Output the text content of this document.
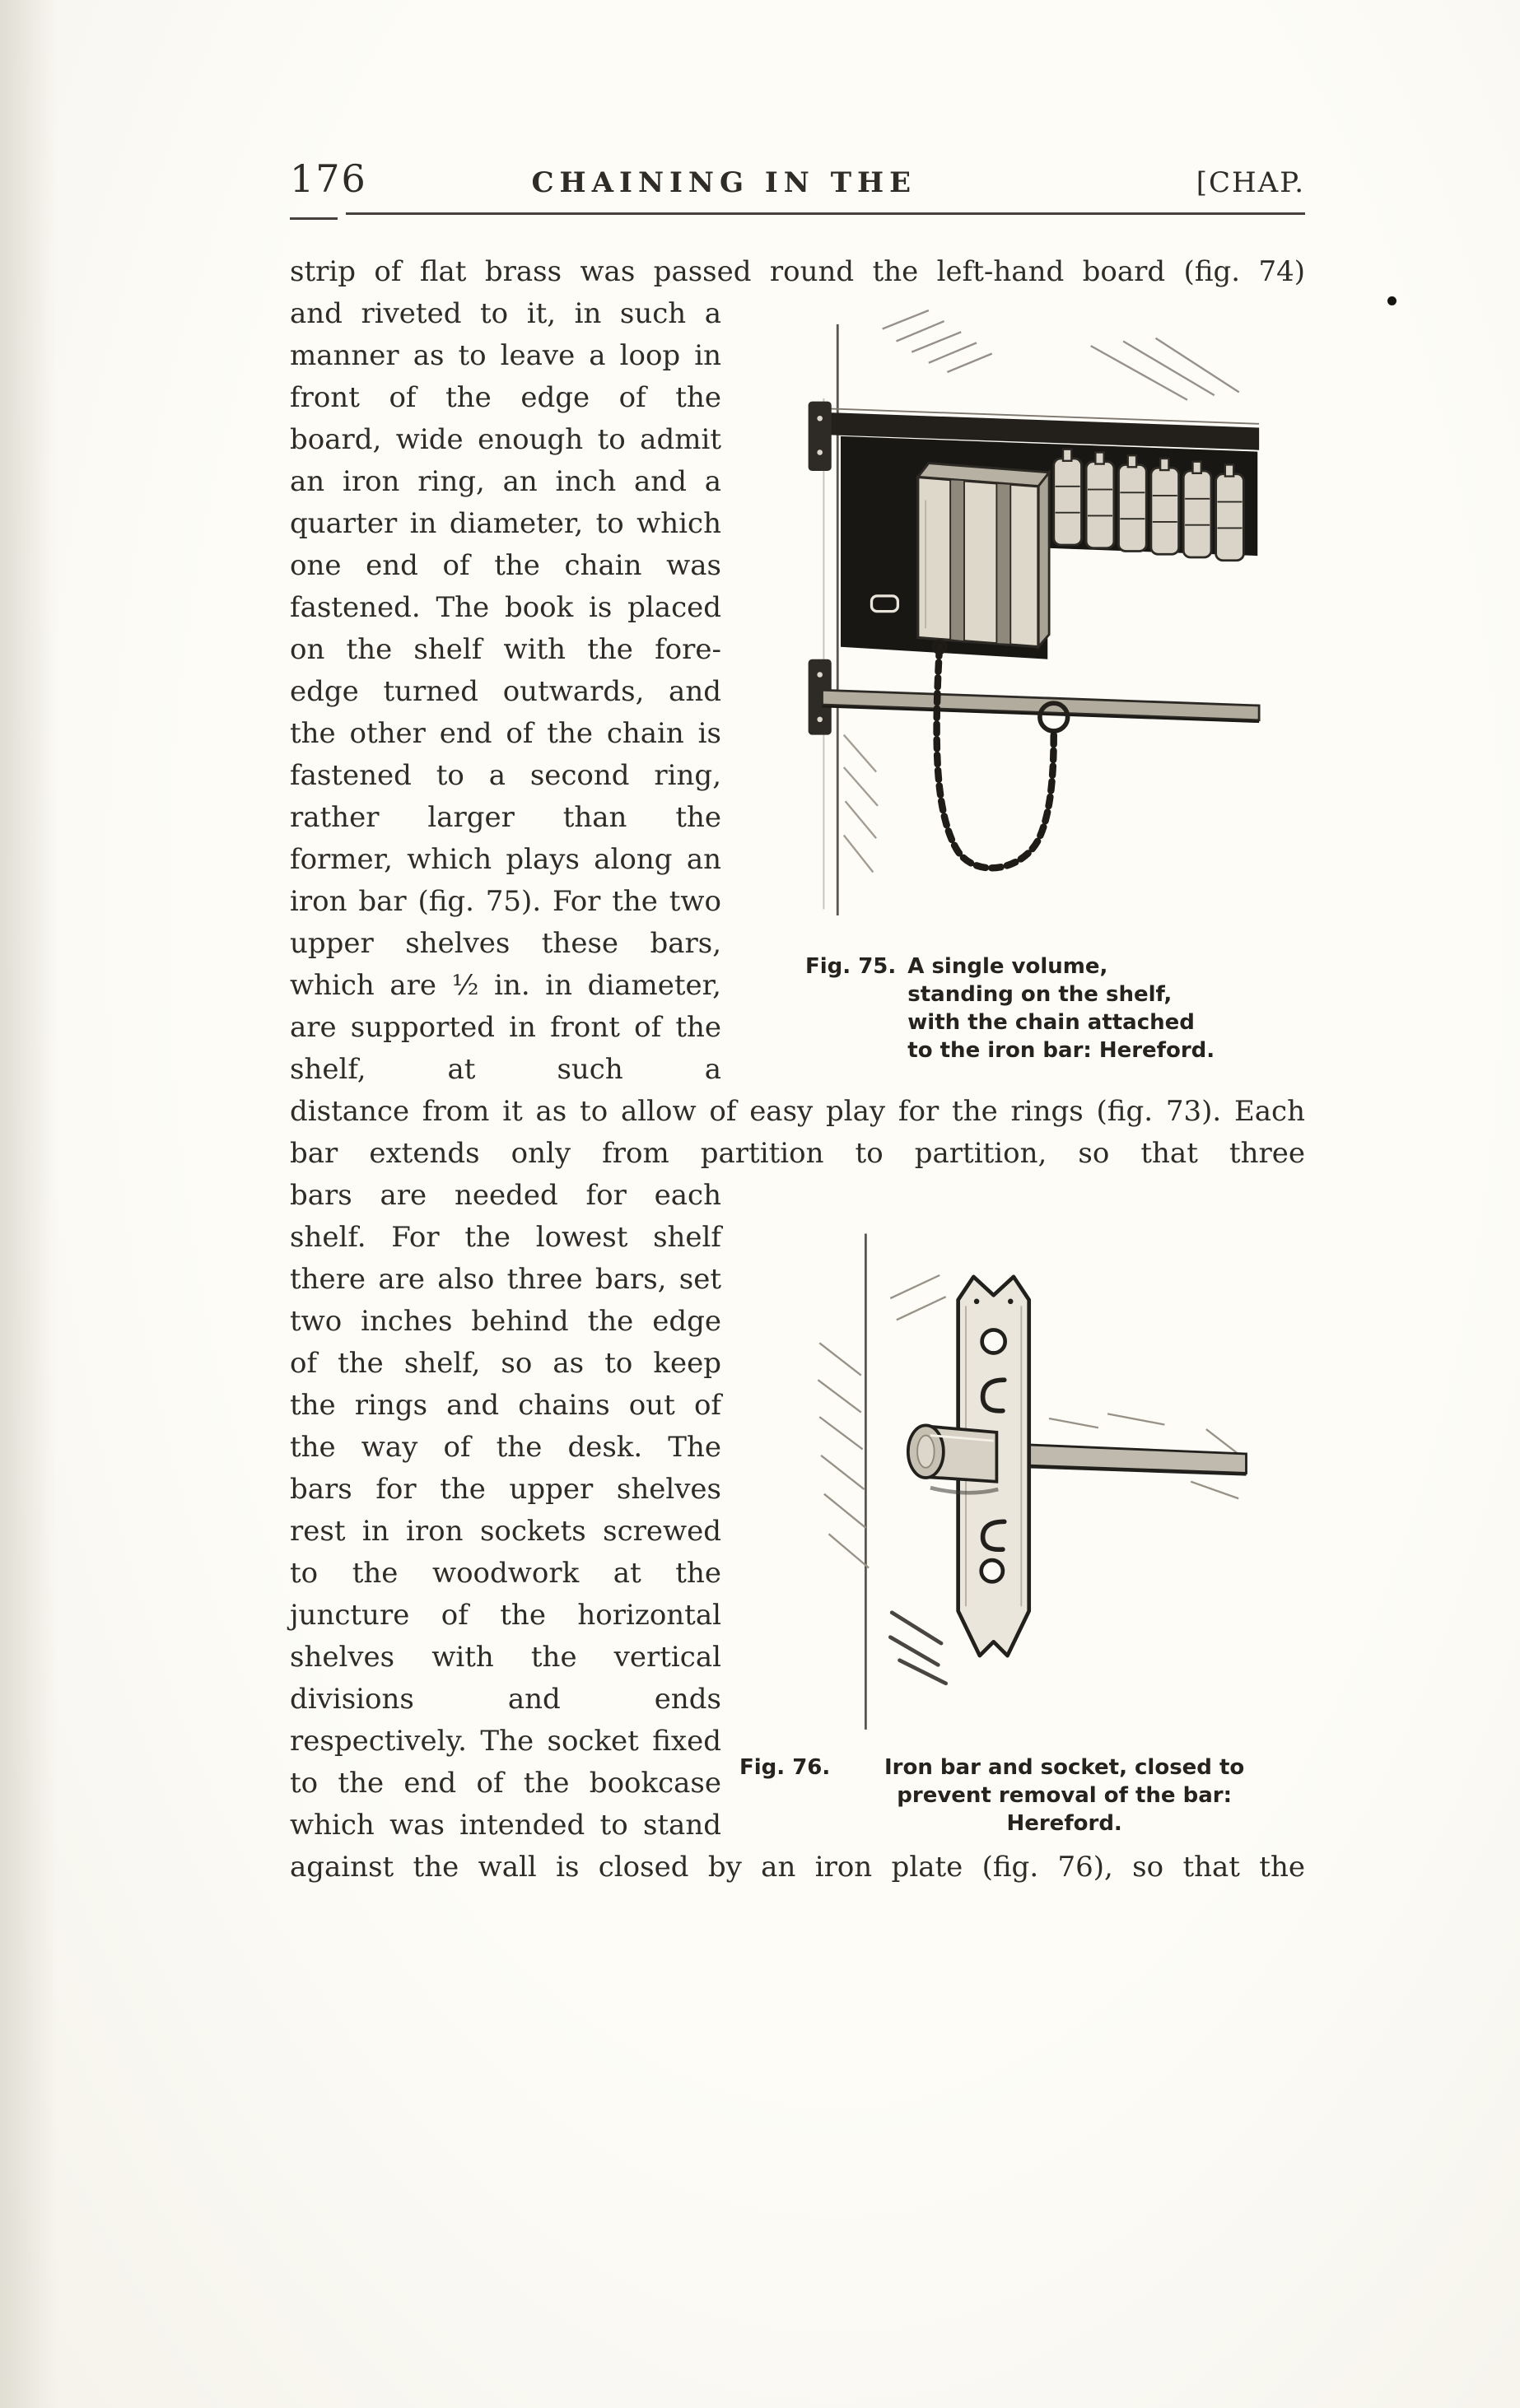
176	CHAINING IN THE	[CHAP.

strip of flat brass was passed round the left-hand board (fig. 74)

and riveted to it, in such a manner as to leave a loop in front of the edge of the board, wide enough to admit an iron ring, an inch and a quarter in diameter, to which one end of the chain was fastened. The book is placed on the shelf with the fore-edge turned outwards, and the other end of the chain is fastened to a second ring, rather larger than the former, which plays along an iron bar (fig. 75). For the two upper shelves these bars, which are ½ in. in diameter, are supported in front of the shelf, at such a

Fig. 75. A single volume, standing on the shelf, with the chain attached to the iron bar: Hereford.

distance from it as to allow of easy play for the rings (fig. 73). Each bar extends only from partition to partition, so that three

bars are needed for each shelf. For the lowest shelf there are also three bars, set two inches behind the edge of the shelf, so as to keep the rings and chains out of the way of the desk. The bars for the upper shelves rest in iron sockets screwed to the woodwork at the juncture of the horizontal shelves with the vertical divisions and ends respectively. The socket fixed to the end of the bookcase which was intended to stand

Fig. 76.	Iron bar and socket, closed to prevent removal of the bar: Hereford.

against the wall is closed by an iron plate (fig. 76), so that the
